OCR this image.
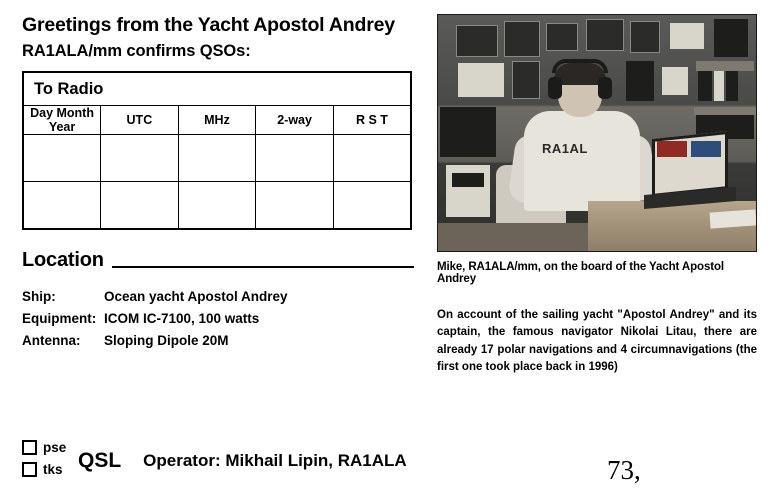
Greetings from the Yacht Apostol Andrey
RA1ALA/mm confirms QSOs:
To Radio				
Day Month Year	UTC	MHz	2-way	R S T

Location
Ship:	Ocean yacht Apostol Andrey
Equipment: ICOM IC-7100, 100 watts
Antenna:	Sloping Dipole 20M
pse
tks QSL Operator: Mikhail Lipin, RA1ALA
RA1AL
Mike, RA1ALA/mm, on the board of the Yacht Apostol Andrey
On account of the sailing yacht "Apostol Andrey" and its captain, the famous navigator Nikolai Litau, there are already 17 polar navigations and 4 circumnavigations (the first one took place back in 1996)
73,
